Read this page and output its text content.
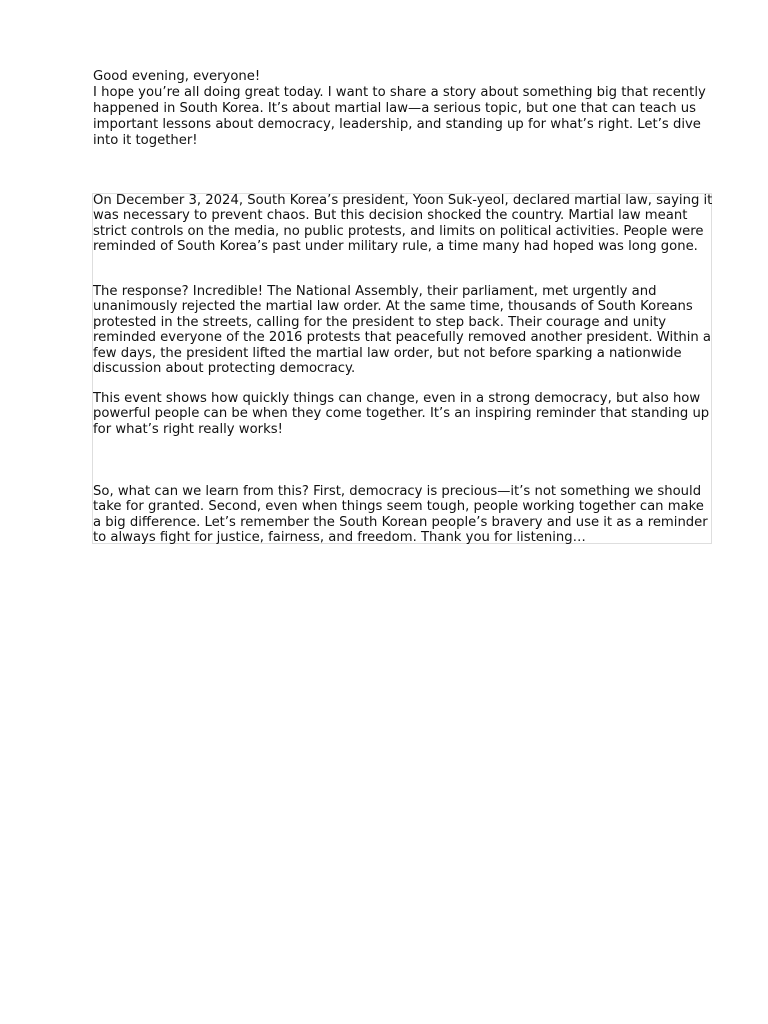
Good evening, everyone!

I hope you’re all doing great today. I want to share a story about something big that recently happened in South Korea. It’s about martial law—a serious topic, but one that can teach us important lessons about democracy, leadership, and standing up for what’s right. Let’s dive into it together!

On December 3, 2024, South Korea’s president, Yoon Suk-yeol, declared martial law, saying it was necessary to prevent chaos. But this decision shocked the country. Martial law meant strict controls on the media, no public protests, and limits on political activities. People were reminded of South Korea’s past under military rule, a time many had hoped was long gone.

The response? Incredible! The National Assembly, their parliament, met urgently and unanimously rejected the martial law order. At the same time, thousands of South Koreans protested in the streets, calling for the president to step back. Their courage and unity reminded everyone of the 2016 protests that peacefully removed another president. Within a few days, the president lifted the martial law order, but not before sparking a nationwide discussion about protecting democracy.

This event shows how quickly things can change, even in a strong democracy, but also how powerful people can be when they come together. It’s an inspiring reminder that standing up for what’s right really works!

So, what can we learn from this? First, democracy is precious—it’s not something we should take for granted. Second, even when things seem tough, people working together can make a big difference. Let’s remember the South Korean people’s bravery and use it as a reminder to always fight for justice, fairness, and freedom. Thank you for listening…
